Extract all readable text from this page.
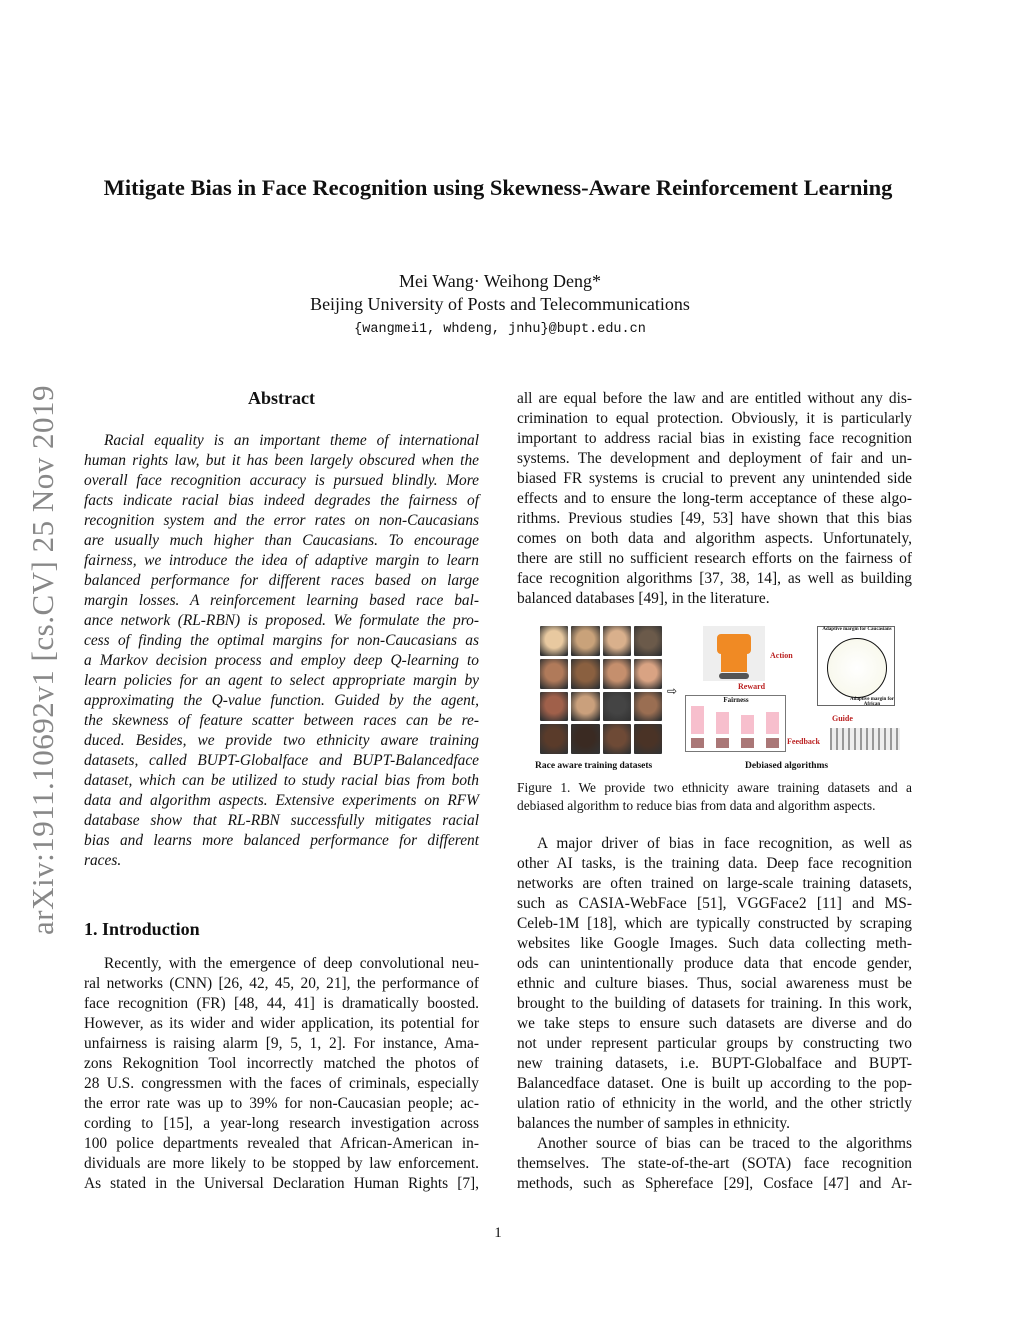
Mitigate Bias in Face Recognition using Skewness-Aware Reinforcement Learning
Mei Wang· Weihong Deng*
Beijing University of Posts and Telecommunications
{wangmei1, whdeng, jnhu}@bupt.edu.cn
arXiv:1911.10692v1 [cs.CV] 25 Nov 2019	Abstract
Racial equality is an important theme of international
human rights law, but it has been largely obscured when the
overall face recognition accuracy is pursued blindly. More
facts indicate racial bias indeed degrades the fairness of
recognition system and the error rates on non-Caucasians
are usually much higher than Caucasians. To encourage
fairness, we introduce the idea of adaptive margin to learn
balanced performance for different races based on large
margin losses. A reinforcement learning based race bal-
ance network (RL-RBN) is proposed. We formulate the pro-
cess of finding the optimal margins for non-Caucasians as
a Markov decision process and employ deep Q-learning to
learn policies for an agent to select appropriate margin by
approximating the Q-value function. Guided by the agent,
the skewness of feature scatter between races can be re-
duced. Besides, we provide two ethnicity aware training
datasets, called BUPT-Globalface and BUPT-Balancedface
dataset, which can be utilized to study racial bias from both
data and algorithm aspects. Extensive experiments on RFW
database show that RL-RBN successfully mitigates racial
bias and learns more balanced performance for different
races.
1. Introduction
Recently, with the emergence of deep convolutional neu-
ral networks (CNN) [26, 42, 45, 20, 21], the performance of
face recognition (FR) [48, 44, 41] is dramatically boosted.
However, as its wider and wider application, its potential for
unfairness is raising alarm [9, 5, 1, 2]. For instance, Ama-
zons Rekognition Tool incorrectly matched the photos of
28 U.S. congressmen with the faces of criminals, especially
the error rate was up to 39% for non-Caucasian people; ac-
cording to [15], a year-long research investigation across
100 police departments revealed that African-American in-
dividuals are more likely to be stopped by law enforcement.
As stated in the Universal Declaration Human Rights [7],
all are equal before the law and are entitled without any dis-
crimination to equal protection. Obviously, it is particularly
important to address racial bias in existing face recognition
systems. The development and deployment of fair and un-
biased FR systems is crucial to prevent any unintended side
effects and to ensure the long-term acceptance of these algo-
rithms. Previous studies [49, 53] have shown that this bias
comes on both data and algorithm aspects. Unfortunately,
there are still no sufficient research efforts on the fairness of
face recognition algorithms [37, 38, 14], as well as building
balanced databases [49], in the literature.
⇨
Action
Reward
Adaptive margin for Caucasians
Adaptive margin for African
Guide
Fairness
Feedback
Race aware training datasets	Debiased algorithms
Figure 1. We provide two ethnicity aware training datasets and a
debiased algorithm to reduce bias from data and algorithm aspects.
A major driver of bias in face recognition, as well as
other AI tasks, is the training data. Deep face recognition
networks are often trained on large-scale training datasets,
such as CASIA-WebFace [51], VGGFace2 [11] and MS-
Celeb-1M [18], which are typically constructed by scraping
websites like Google Images. Such data collecting meth-
ods can unintentionally produce data that encode gender,
ethnic and culture biases. Thus, social awareness must be
brought to the building of datasets for training. In this work,
we take steps to ensure such datasets are diverse and do
not under represent particular groups by constructing two
new training datasets, i.e. BUPT-Globalface and BUPT-
Balancedface dataset. One is built up according to the pop-
ulation ratio of ethnicity in the world, and the other strictly
balances the number of samples in ethnicity.
Another source of bias can be traced to the algorithms
themselves. The state-of-the-art (SOTA) face recognition
methods, such as Sphereface [29], Cosface [47] and Ar-
1
